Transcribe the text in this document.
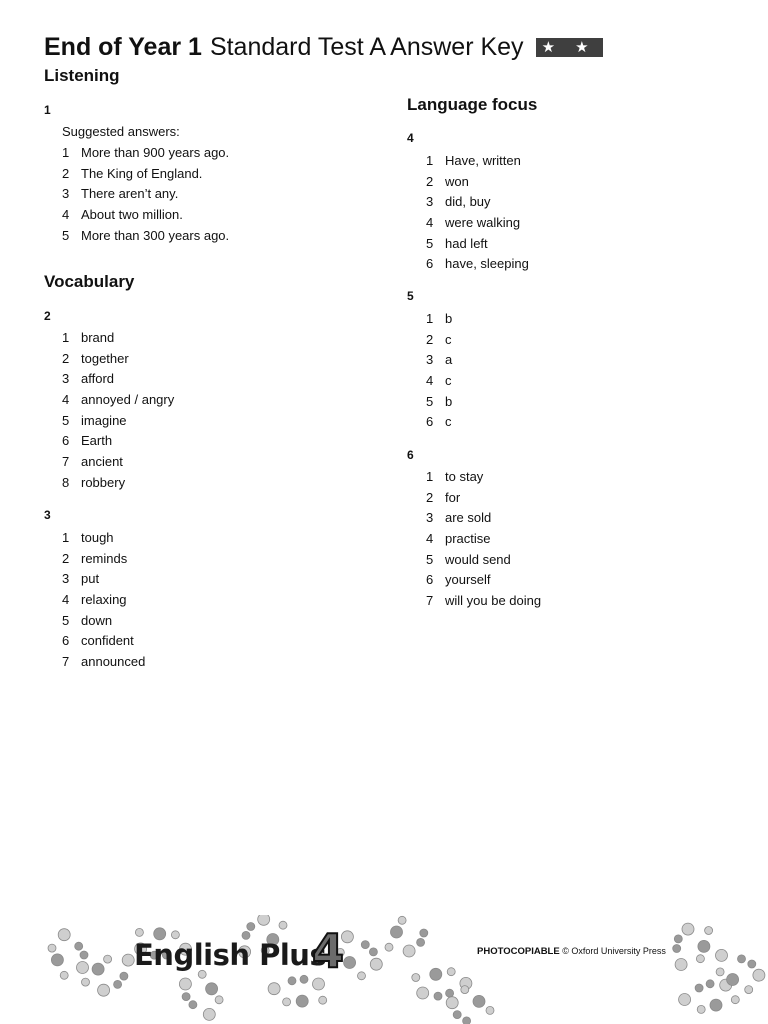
End of Year 1 Standard Test A Answer Key ★ ★
Listening
1
Suggested answers:
1 More than 900 years ago.
2 The King of England.
3 There aren’t any.
4 About two million.
5 More than 300 years ago.
Vocabulary
2
1 brand
2 together
3 afford
4 annoyed / angry
5 imagine
6 Earth
7 ancient
8 robbery
3
1 tough
2 reminds
3 put
4 relaxing
5 down
6 confident
7 announced
Language focus
4
1 Have, written
2 won
3 did, buy
4 were walking
5 had left
6 have, sleeping
5
1 b
2 c
3 a
4 c
5 b
6 c
6
1 to stay
2 for
3 are sold
4 practise
5 would send
6 yourself
7 will you be doing
English Plus
4	PHOTOCOPIABLE © Oxford University Press
